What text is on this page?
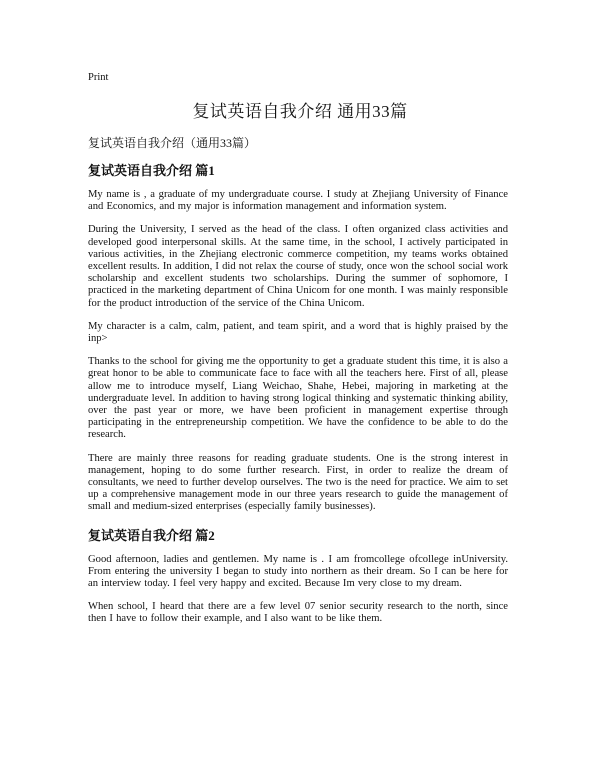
Print
复试英语自我介绍 通用33篇
复试英语自我介绍（通用33篇）
复试英语自我介绍 篇1

My name is , a graduate of my undergraduate course. I study at Zhejiang University of Finance and Economics, and my major is information management and information system.

During the University, I served as the head of the class. I often organized class activities and developed good interpersonal skills. At the same time, in the school, I actively participated in various activities, in the Zhejiang electronic commerce competition, my teams works obtained excellent results. In addition, I did not relax the course of study, once won the school social work scholarship and excellent students two scholarships. During the summer of sophomore, I practiced in the marketing department of China Unicom for one month. I was mainly responsible for the product introduction of the service of the China Unicom.

My character is a calm, calm, patient, and team spirit, and a word that is highly praised by the inp>

Thanks to the school for giving me the opportunity to get a graduate student this time, it is also a great honor to be able to communicate face to face with all the teachers here. First of all, please allow me to introduce myself, Liang Weichao, Shahe, Hebei, majoring in marketing at the undergraduate level. In addition to having strong logical thinking and systematic thinking ability, over the past year or more, we have been proficient in management expertise through participating in the entrepreneurship competition. We have the confidence to be able to do the research.

There are mainly three reasons for reading graduate students. One is the strong interest in management, hoping to do some further research. First, in order to realize the dream of consultants, we need to further develop ourselves. The two is the need for practice. We aim to set up a comprehensive management mode in our three years research to guide the management of small and medium-sized enterprises (especially family businesses).

复试英语自我介绍 篇2

Good afternoon, ladies and gentlemen. My name is . I am fromcollege ofcollege inUniversity. From entering the university I began to study into northern as their dream. So I can be here for an interview today. I feel very happy and excited. Because Im very close to my dream.

When school, I heard that there are a few level 07 senior security research to the north, since then I have to follow their example, and I also want to be like them.
